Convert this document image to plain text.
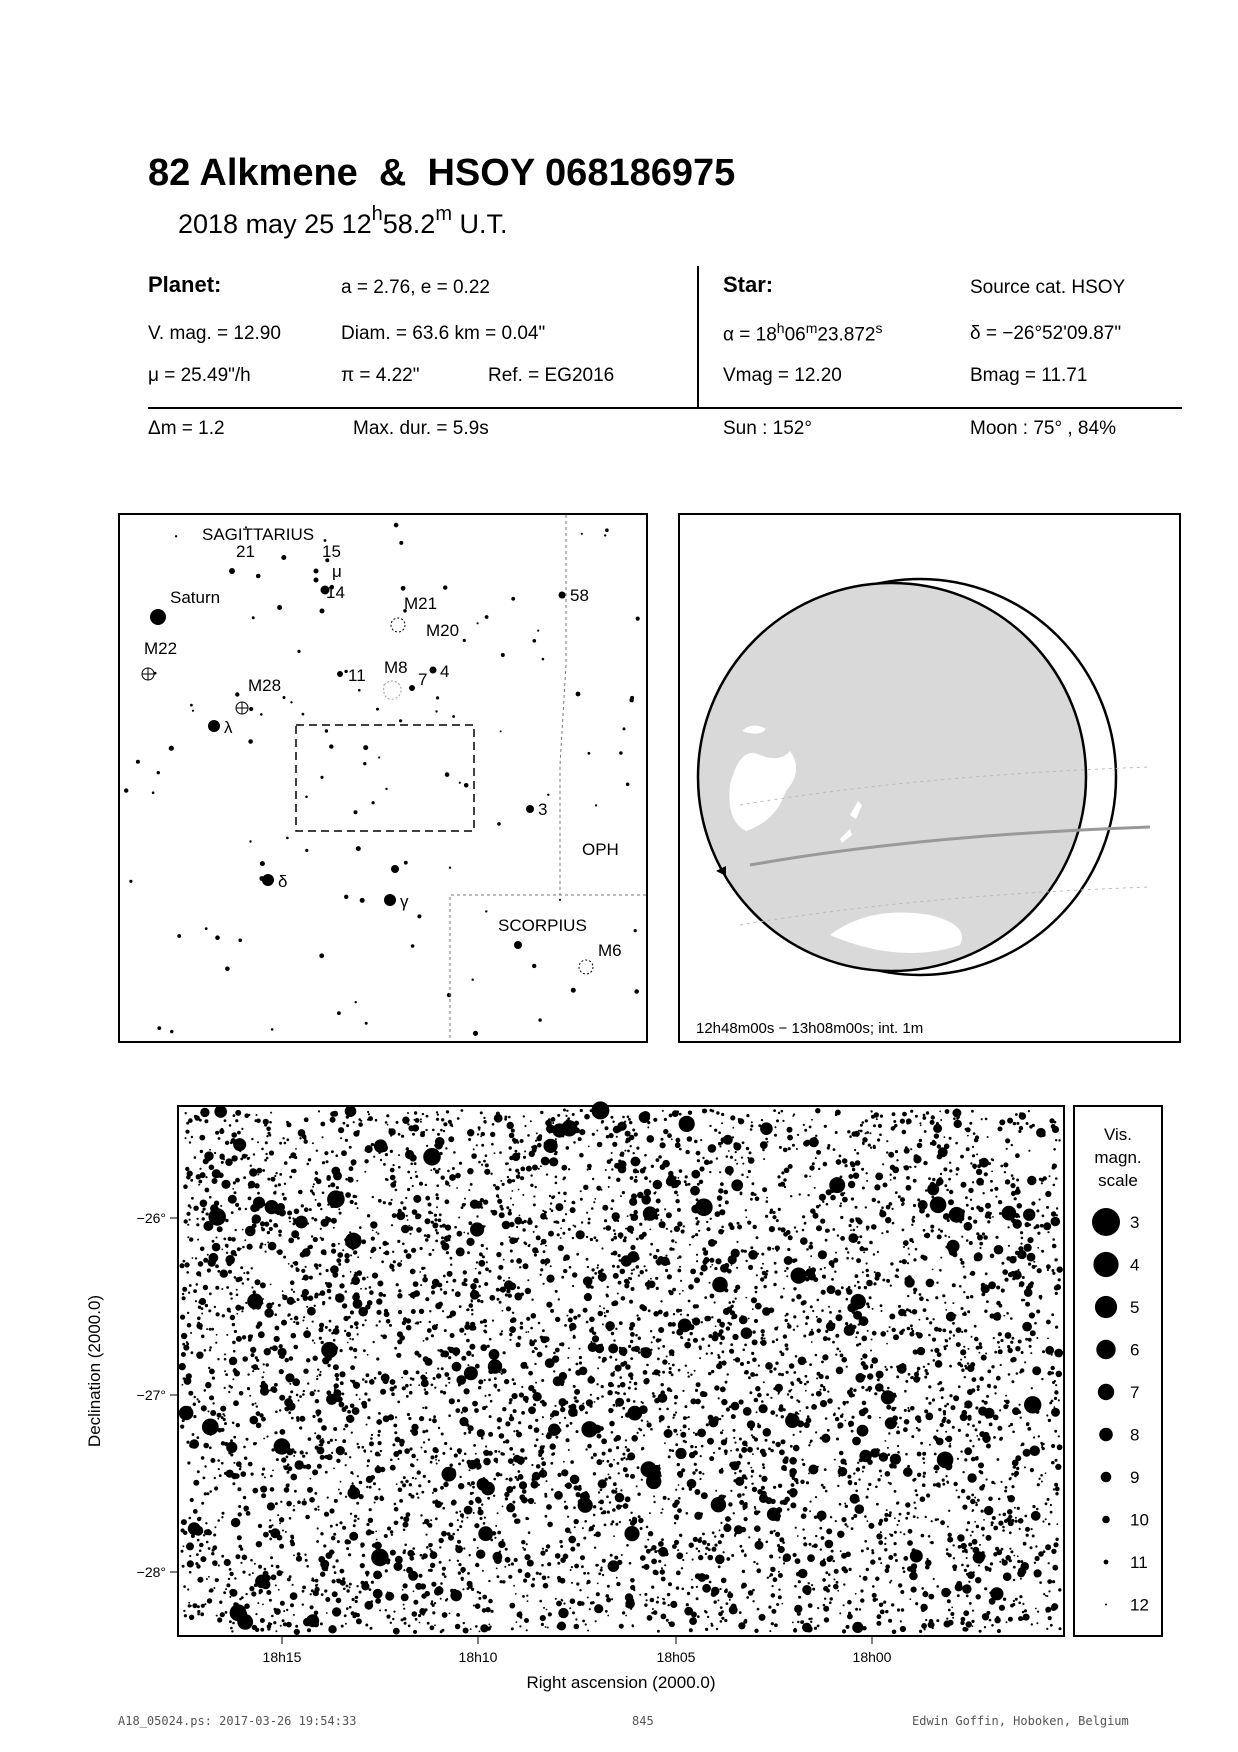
82 Alkmene  &  HSOY 068186975
2018 may 25 12$^h$58.2$^m$ U.T.
Planet:	a = 2.76, e = 0.22	Star:	Source cat. HSOY
V. mag. = 12.90	Diam. = 63.6 km = 0.04"	$\alpha = 18^h06^m23.872^s$	δ = −26°52'09.87"
μ = 25.49"/h	π = 4.22"	Ref. = EG2016	Vmag = 12.20	Bmag = 11.71
Δm = 1.2	Max. dur. = 5.9s	Sun : 152°	Moon : 75° , 84%
SAGITTARIUS
Saturn
M22
M28
λ
δ
γ
21	15
μ
14
11
M21
M20
M8
7 4
58
3
OPH
SCORPIUS
M6
12h48m00s − 13h08m00s; int. 1m
−26°
−27°
−28°
18h15	18h10	18h05	18h00
Right ascension (2000.0)
Declination (2000.0)
Vis.
magn.
scale
3
4
5
6
7
8
9
10
11
12
A18_05024.ps: 2017-03-26 19:54:33	845	Edwin Goffin, Hoboken, Belgium
